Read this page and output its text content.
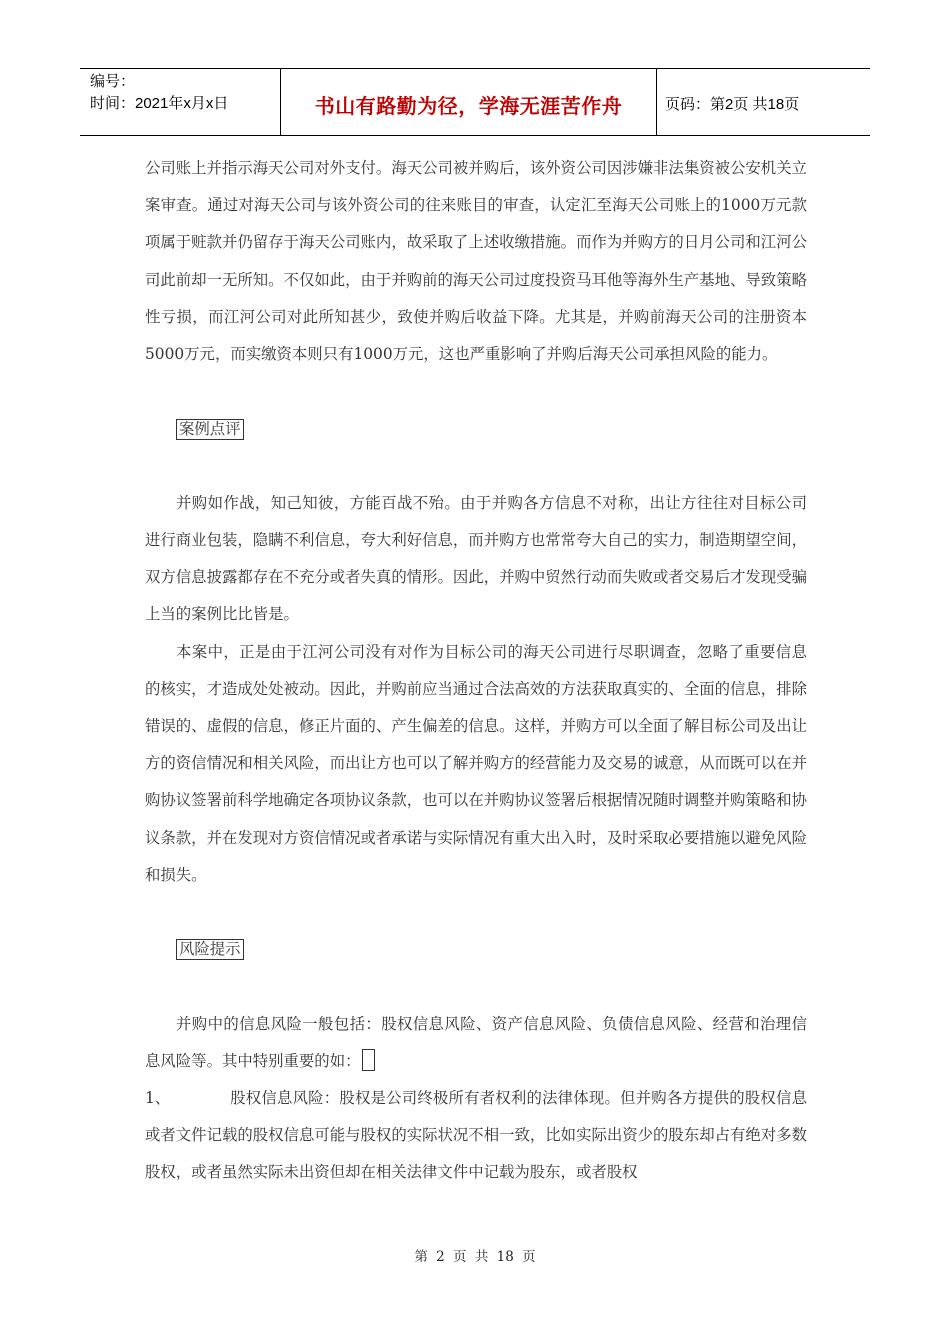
编号：
时间：2021年x月x日	书山有路勤为径，学海无涯苦作舟	页码：第2页 共18页

公司账上并指示海天公司对外支付。海天公司被并购后，该外资公司因涉嫌非法集资被公安机关立案审查。通过对海天公司与该外资公司的往来账目的审查，认定汇至海天公司账上的1000万元款项属于赃款并仍留存于海天公司账内，故采取了上述收缴措施。而作为并购方的日月公司和江河公司此前却一无所知。不仅如此，由于并购前的海天公司过度投资马耳他等海外生产基地、导致策略性亏损，而江河公司对此所知甚少，致使并购后收益下降。尤其是，并购前海天公司的注册资本5000万元，而实缴资本则只有1000万元，这也严重影响了并购后海天公司承担风险的能力。

案例点评

并购如作战，知己知彼，方能百战不殆。由于并购各方信息不对称，出让方往往对目标公司进行商业包装，隐瞒不利信息，夸大利好信息，而并购方也常常夸大自己的实力，制造期望空间，双方信息披露都存在不充分或者失真的情形。因此，并购中贸然行动而失败或者交易后才发现受骗上当的案例比比皆是。

本案中，正是由于江河公司没有对作为目标公司的海天公司进行尽职调查，忽略了重要信息的核实，才造成处处被动。因此，并购前应当通过合法高效的方法获取真实的、全面的信息，排除错误的、虚假的信息，修正片面的、产生偏差的信息。这样，并购方可以全面了解目标公司及出让方的资信情况和相关风险，而出让方也可以了解并购方的经营能力及交易的诚意，从而既可以在并购协议签署前科学地确定各项协议条款，也可以在并购协议签署后根据情况随时调整并购策略和协议条款，并在发现对方资信情况或者承诺与实际情况有重大出入时，及时采取必要措施以避免风险和损失。

风险提示

并购中的信息风险一般包括：股权信息风险、资产信息风险、负债信息风险、经营和治理信息风险等。其中特别重要的如：

1、	股权信息风险：股权是公司终极所有者权利的法律体现。但并购各方提供的股权信息或者文件记载的股权信息可能与股权的实际状况不相一致，比如实际出资少的股东却占有绝对多数股权，或者虽然实际未出资但却在相关法律文件中记载为股东，或者股权

第 2 页 共 18 页
